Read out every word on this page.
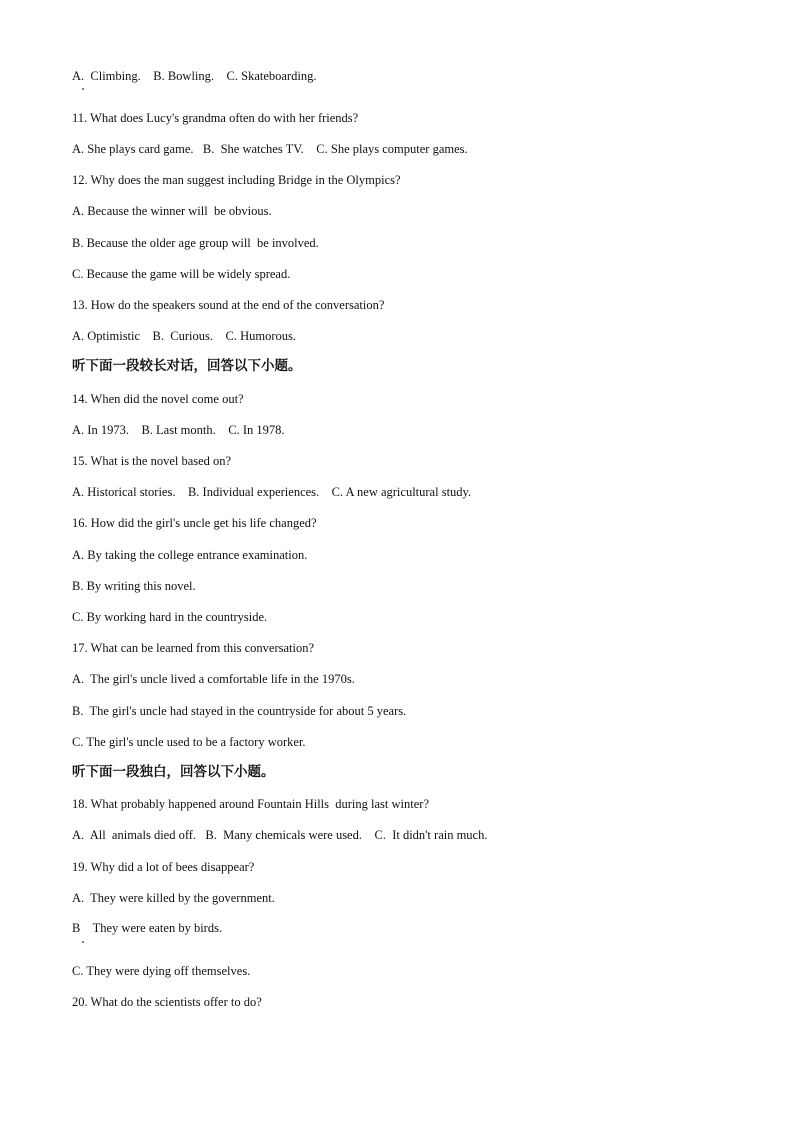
A.  Climbing.    B. Bowling.    C. Skateboarding.
11. What does Lucy's grandma often do with her friends?
A. She plays card game.   B.  She watches TV.    C. She plays computer games.
12. Why does the man suggest including Bridge in the Olympics?
A. Because the winner will  be obvious.
B. Because the older age group will  be involved.
C. Because the game will be widely spread.
13. How do the speakers sound at the end of the conversation?
A. Optimistic    B.  Curious.    C. Humorous.
听下面一段较长对话，回答以下小题。
14. When did the novel come out?
A. In 1973.    B. Last month.    C. In 1978.
15. What is the novel based on?
A. Historical stories.    B. Individual experiences.    C. A new agricultural study.
16. How did the girl's uncle get his life changed?
A. By taking the college entrance examination.
B. By writing this novel.
C. By working hard in the countryside.
17. What can be learned from this conversation?
A.  The girl's uncle lived a comfortable life in the 1970s.
B.  The girl's uncle had stayed in the countryside for about 5 years.
C. The girl's uncle used to be a factory worker.
听下面一段独白，回答以下小题。
18. What probably happened around Fountain Hills  during last winter?
A.  All  animals died off.   B.  Many chemicals were used.    C.  It didn't rain much.
19. Why did a lot of bees disappear?
A.  They were killed by the government.
B    They were eaten by birds.
C. They were dying off themselves.
20. What do the scientists offer to do?
